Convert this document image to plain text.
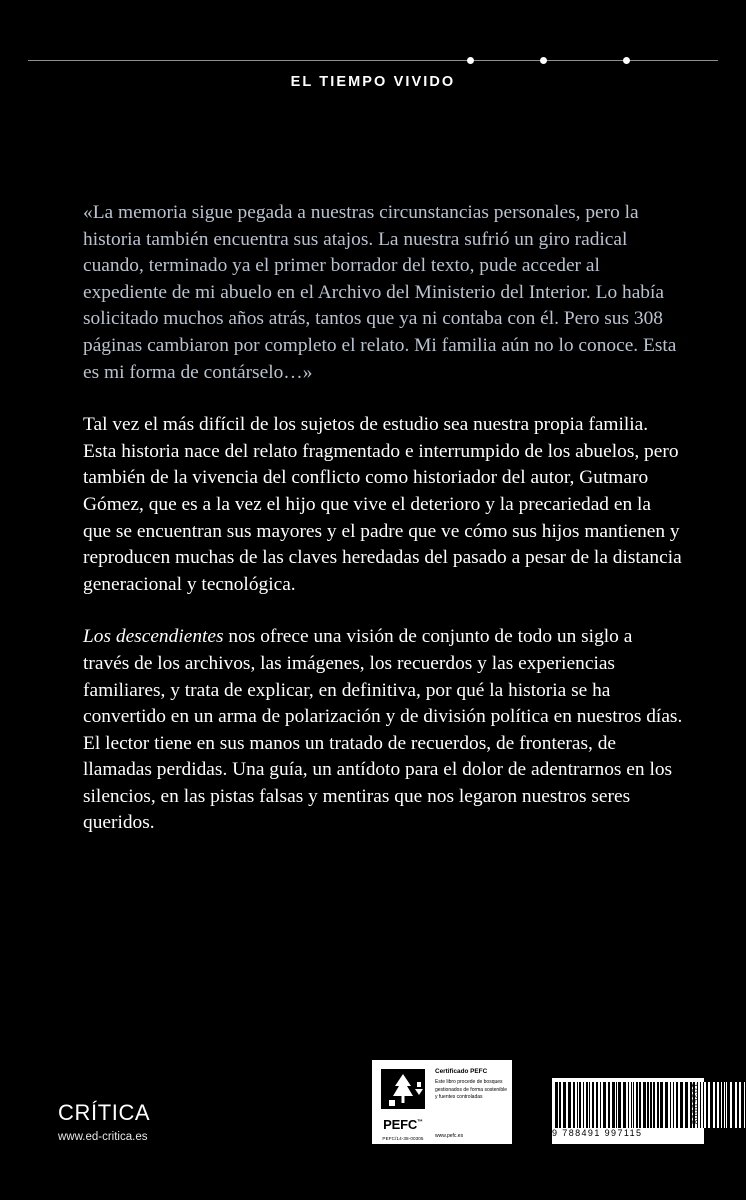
EL TIEMPO VIVIDO

«La memoria sigue pegada a nuestras circunstancias personales, pero la historia también encuentra sus atajos. La nuestra sufrió un giro radical cuando, terminado ya el primer borrador del texto, pude acceder al expediente de mi abuelo en el Archivo del Ministerio del Interior. Lo había solicitado muchos años atrás, tantos que ya ni contaba con él. Pero sus 308 páginas cambiaron por completo el relato. Mi familia aún no lo conoce. Esta es mi forma de contárselo…»

Tal vez el más difícil de los sujetos de estudio sea nuestra propia familia. Esta historia nace del relato fragmentado e interrumpido de los abuelos, pero también de la vivencia del conflicto como historiador del autor, Gutmaro Gómez, que es a la vez el hijo que vive el deterioro y la precariedad en la que se encuentran sus mayores y el padre que ve cómo sus hijos mantienen y reproducen muchas de las claves heredadas del pasado a pesar de la distancia generacional y tecnológica.

Los descendientes nos ofrece una visión de conjunto de todo un siglo a través de los archivos, las imágenes, los recuerdos y las experiencias familiares, y trata de explicar, en definitiva, por qué la historia se ha convertido en un arma de polarización y de división política en nuestros días. El lector tiene en sus manos un tratado de recuerdos, de fronteras, de llamadas perdidas. Una guía, un antídoto para el dolor de adentrarnos en los silencios, en las pistas falsas y mentiras que nos legaron nuestros seres queridos.

CRÍTICA
www.ed-critica.es
PEFC™
PEFC/14-38-00305
Certificado PEFC
Este libro procede de bosques gestionados de forma sostenible y fuentes controladas
www.pefc.es
10359998
9 788491 997115
